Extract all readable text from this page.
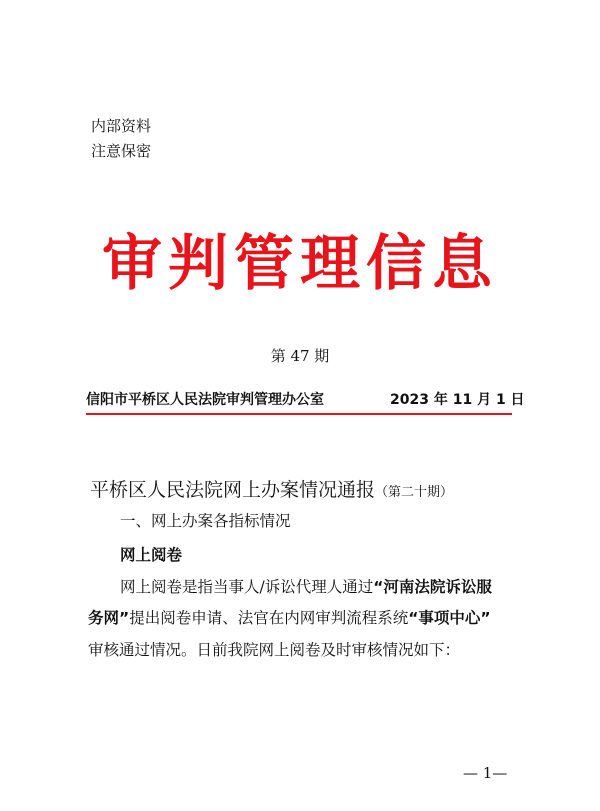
内部资料
注意保密
审判管理信息
第 47 期
信阳市平桥区人民法院审判管理办公室	2023 年 11 月 1 日
平桥区人民法院网上办案情况通报（第二十期）
一、网上办案各指标情况
网上阅卷
网上阅卷是指当事人/诉讼代理人通过“河南法院诉讼服
务网”提出阅卷申请、法官在内网审判流程系统“事项中心”
审核通过情况。日前我院网上阅卷及时审核情况如下：
— 1—
